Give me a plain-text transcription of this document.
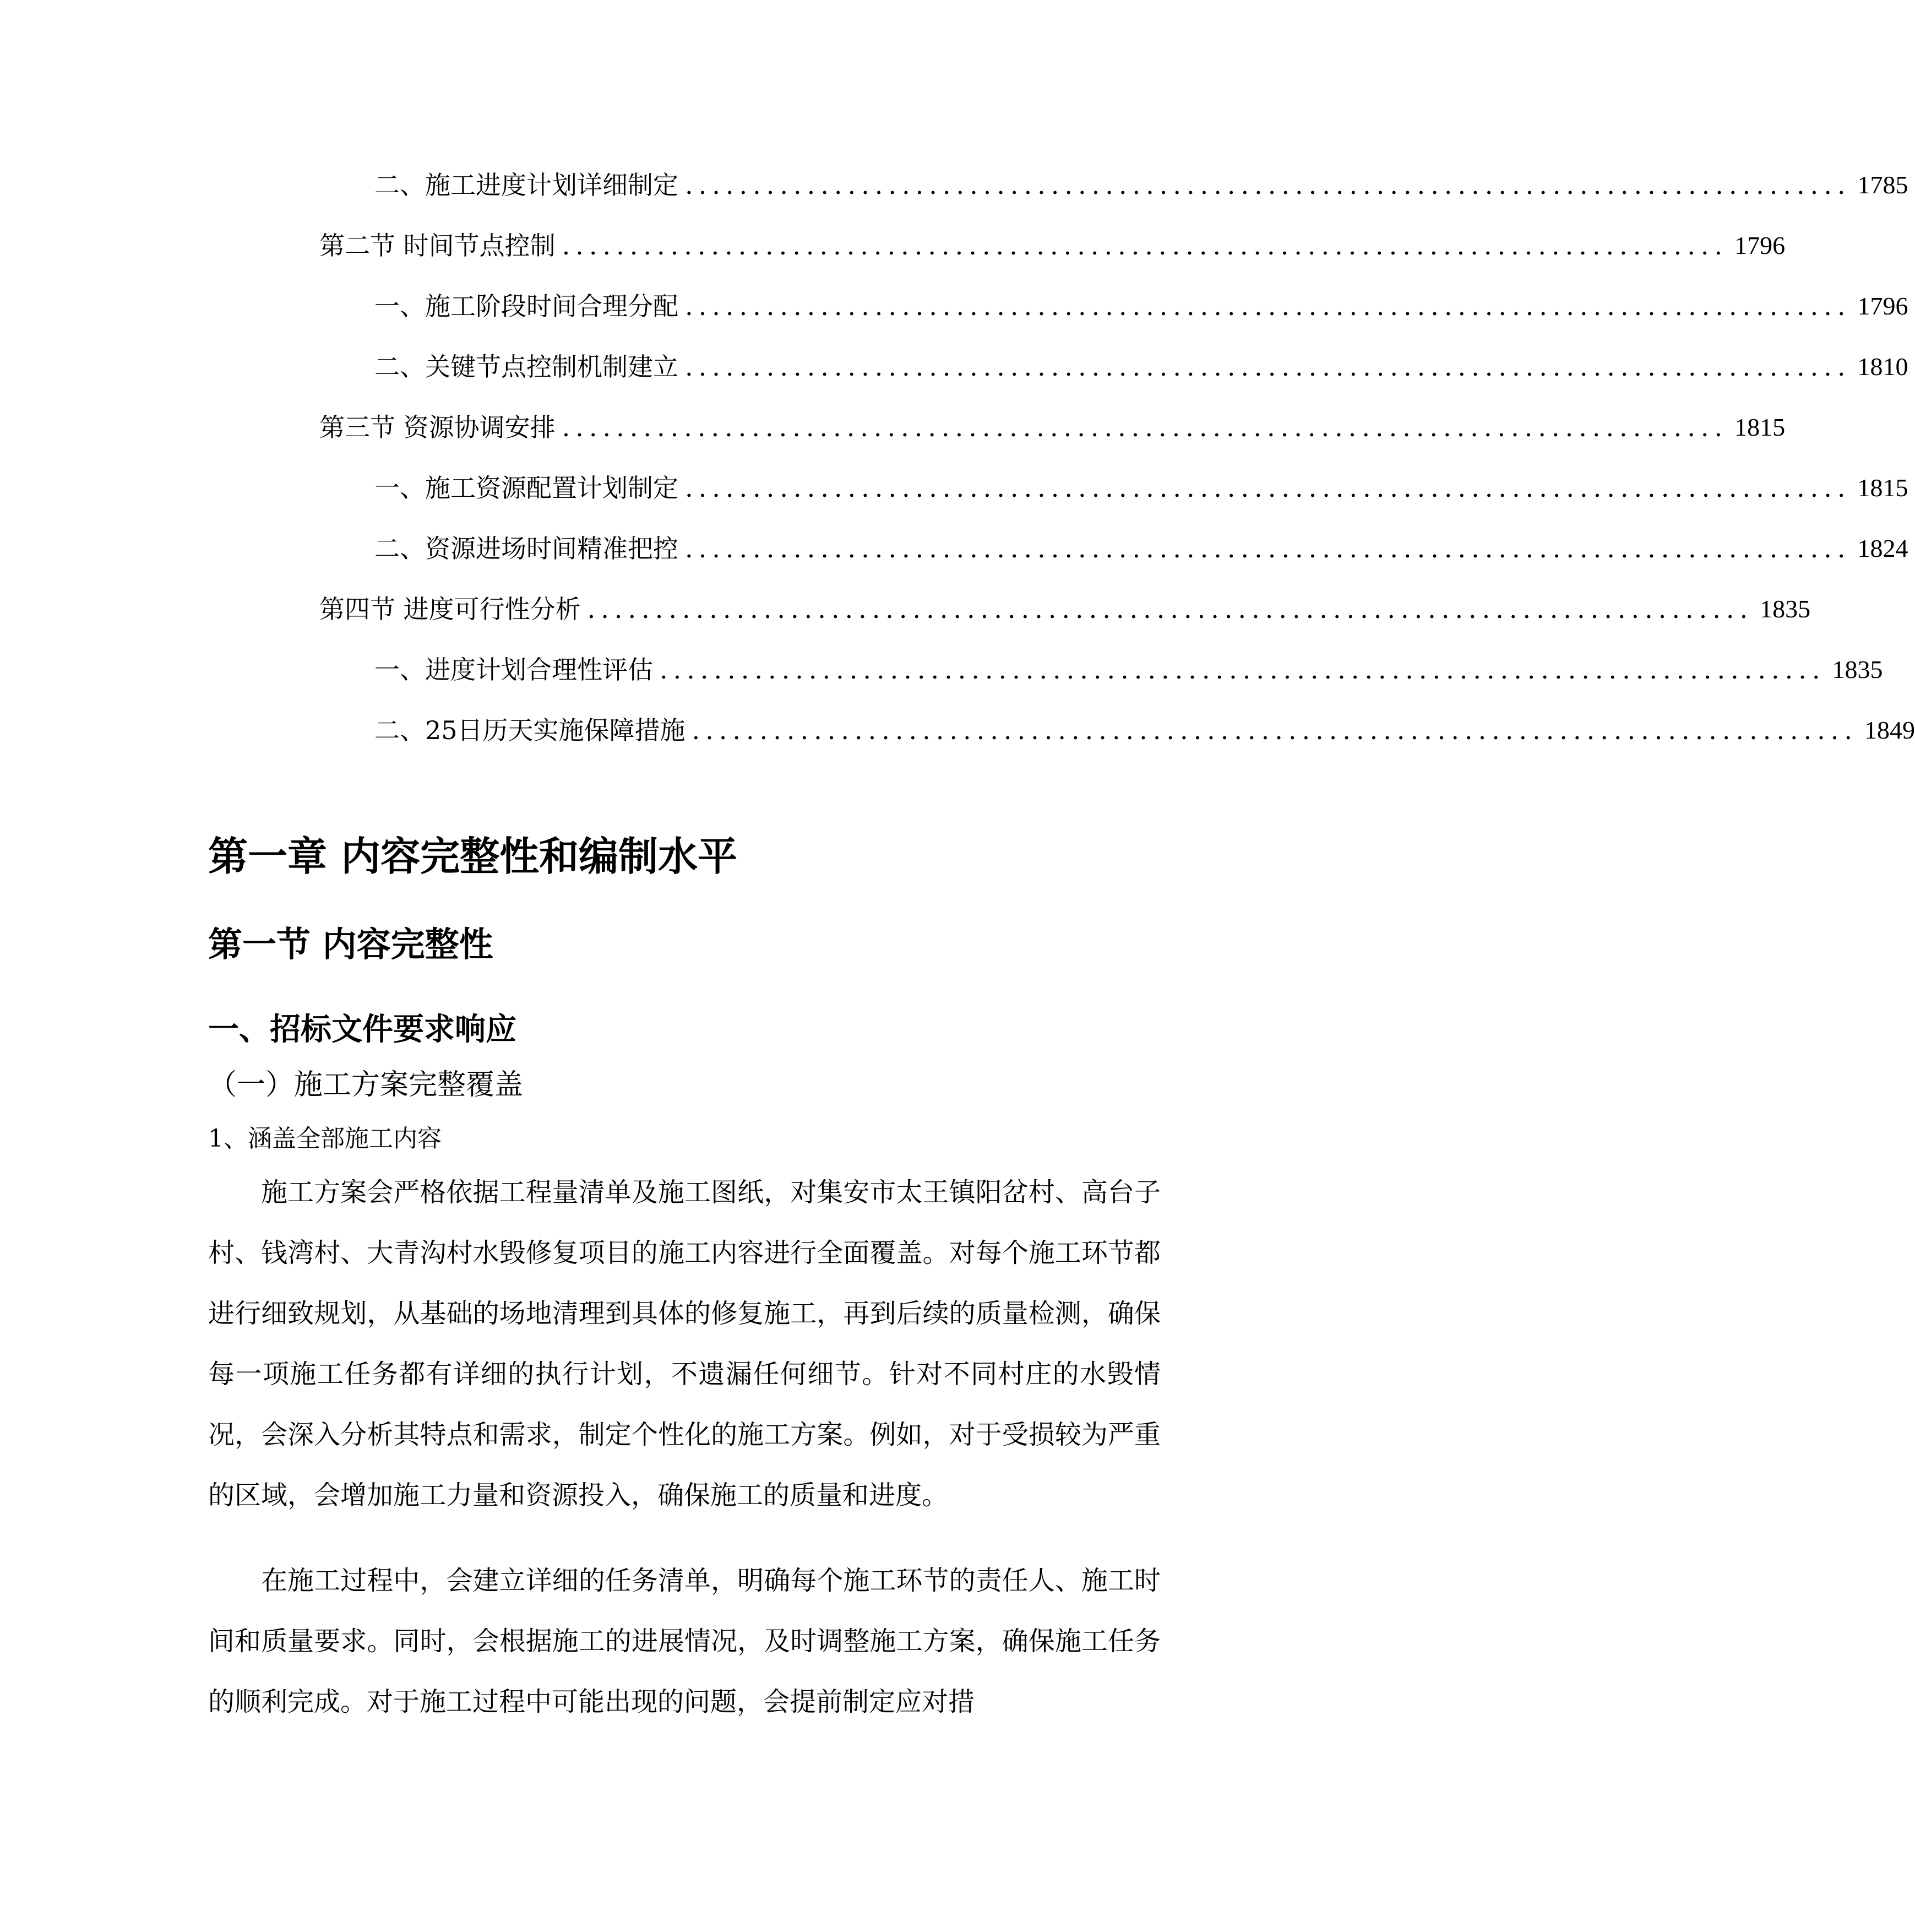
二、 施工进度计划详细制定 ...................................................................................... 1785
第二节 时间节点控制 ...................................................................................... 1796
一、 施工阶段时间合理分配 ...................................................................................... 1796
二、 关键节点控制机制建立 ...................................................................................... 1810
第三节 资源协调安排 ...................................................................................... 1815
一、 施工资源配置计划制定 ...................................................................................... 1815
二、 资源进场时间精准把控 ...................................................................................... 1824
第四节 进度可行性分析 ...................................................................................... 1835
一、 进度计划合理性评估 ...................................................................................... 1835
二、 25日历天实施保障措施 ...................................................................................... 1849
第一章 内容完整性和编制水平
第一节 内容完整性
一、招标文件要求响应
（一）施工方案完整覆盖
1、涵盖全部施工内容

施工方案会严格依据工程量清单及施工图纸，对集安市太王镇阳岔村、高台子村、钱湾村、大青沟村水毁修复项目的施工内容进行全面覆盖。对每个施工环节都进行细致规划，从基础的场地清理到具体的修复施工，再到后续的质量检测，确保每一项施工任务都有详细的执行计划，不遗漏任何细节。针对不同村庄的水毁情况，会深入分析其特点和需求，制定个性化的施工方案。例如，对于受损较为严重的区域，会增加施工力量和资源投入，确保施工的质量和进度。

在施工过程中，会建立详细的任务清单，明确每个施工环节的责任人、施工时间和质量要求。同时，会根据施工的进展情况，及时调整施工方案，确保施工任务的顺利完成。对于施工过程中可能出现的问题，会提前制定应对措
